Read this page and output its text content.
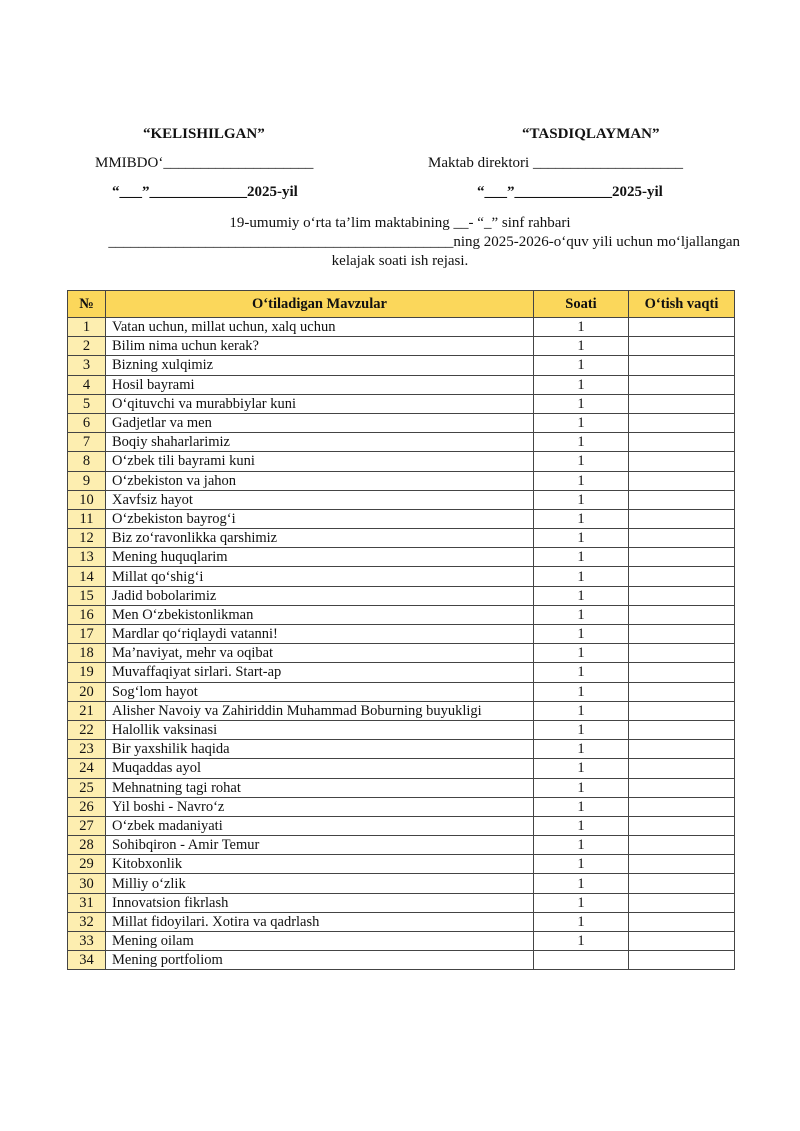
“KELISHILGAN”	“TASDIQLAYMAN”
MMIBDO‘____________________	Maktab direktori ____________________
“___”_____________2025-yil	“___”_____________2025-yil
19-umumiy o‘rta ta’lim maktabining __- “_” sinf rahbari
______________________________________________ning 2025-2026-o‘quv yili uchun mo‘ljallangan
kelajak soati ish rejasi.
№	O‘tiladigan Mavzular	Soati	O‘tish vaqti
1	Vatan uchun, millat uchun, xalq uchun	1	
2	Bilim nima uchun kerak?	1	
3	Bizning xulqimiz	1	
4	Hosil bayrami	1	
5	O‘qituvchi va murabbiylar kuni	1	
6	Gadjetlar va men	1	
7	Boqiy shaharlarimiz	1	
8	O‘zbek tili bayrami kuni	1	
9	O‘zbekiston va jahon	1	
10	Xavfsiz hayot	1	
11	O‘zbekiston bayrog‘i	1	
12	Biz zo‘ravonlikka qarshimiz	1	
13	Mening huquqlarim	1	
14	Millat qo‘shig‘i	1	
15	Jadid bobolarimiz	1	
16	Men O‘zbekistonlikman	1	
17	Mardlar qo‘riqlaydi vatanni!	1	
18	Ma’naviyat, mehr va oqibat	1	
19	Muvaffaqiyat sirlari. Start-ap	1	
20	Sog‘lom hayot	1	
21	Alisher Navoiy va Zahiriddin Muhammad Boburning buyukligi	1	
22	Halollik vaksinasi	1	
23	Bir yaxshilik haqida	1	
24	Muqaddas ayol	1	
25	Mehnatning tagi rohat	1	
26	Yil boshi - Navro‘z	1	
27	O‘zbek madaniyati	1	
28	Sohibqiron - Amir Temur	1	
29	Kitobxonlik	1	
30	Milliy o‘zlik	1	
31	Innovatsion fikrlash	1	
32	Millat fidoyilari. Xotira va qadrlash	1	
33	Mening oilam	1	
34	Mening portfoliom		
